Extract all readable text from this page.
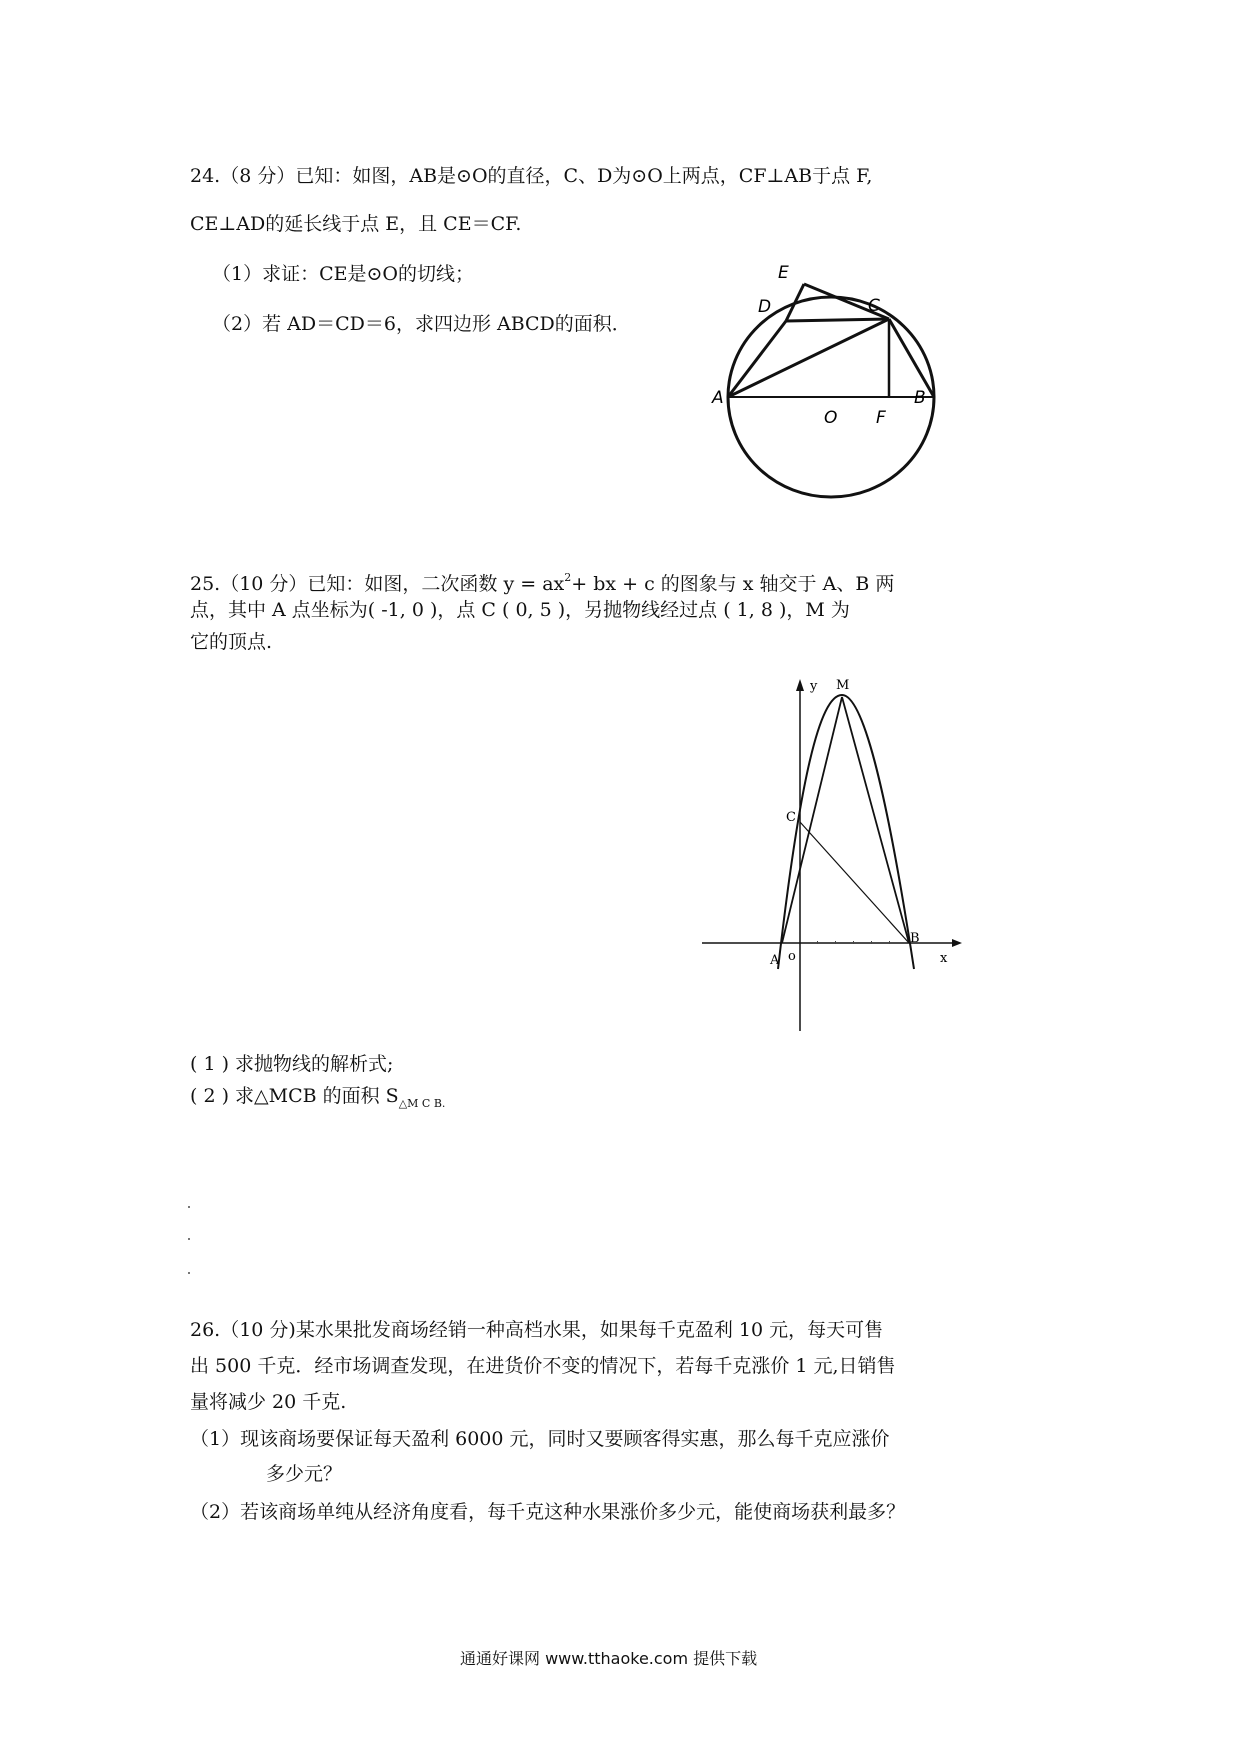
24.（8 分）已知：如图，AB是⊙O的直径，C、D为⊙O上两点，CF⊥AB于点 F,
CE⊥AD的延长线于点 E，且 CE＝CF.
（1）求证：CE是⊙O的切线；
（2）若 AD＝CD＝6，求四边形 ABCD的面积．
E
D	C
A
O F
B
25.（10 分）已知：如图，二次函数 $y = ax^2+$ bx + c 的图象与 x 轴交于 A、B 两
点，其中 A 点坐标为( -1, 0 )，点 C ( 0, 5 )，另抛物线经过点 ( 1, 8 )，M 为
它的顶点.
y M
C
A o
B
x
( 1 ) 求抛物线的解析式;
( 2 ) 求△MCB 的面积 $S_{\triangle M C B.}$
26.（10 分)某水果批发商场经销一种高档水果，如果每千克盈利 10 元，每天可售
出 500 千克．经市场调查发现，在进货价不变的情况下，若每千克涨价 1 元,日销售
量将减少 20 千克.
（1）现该商场要保证每天盈利 6000 元，同时又要顾客得实惠，那么每千克应涨价
多少元？
（2）若该商场单纯从经济角度看，每千克这种水果涨价多少元，能使商场获利最多？
通通好课网 www.tthaoke.com 提供下载
